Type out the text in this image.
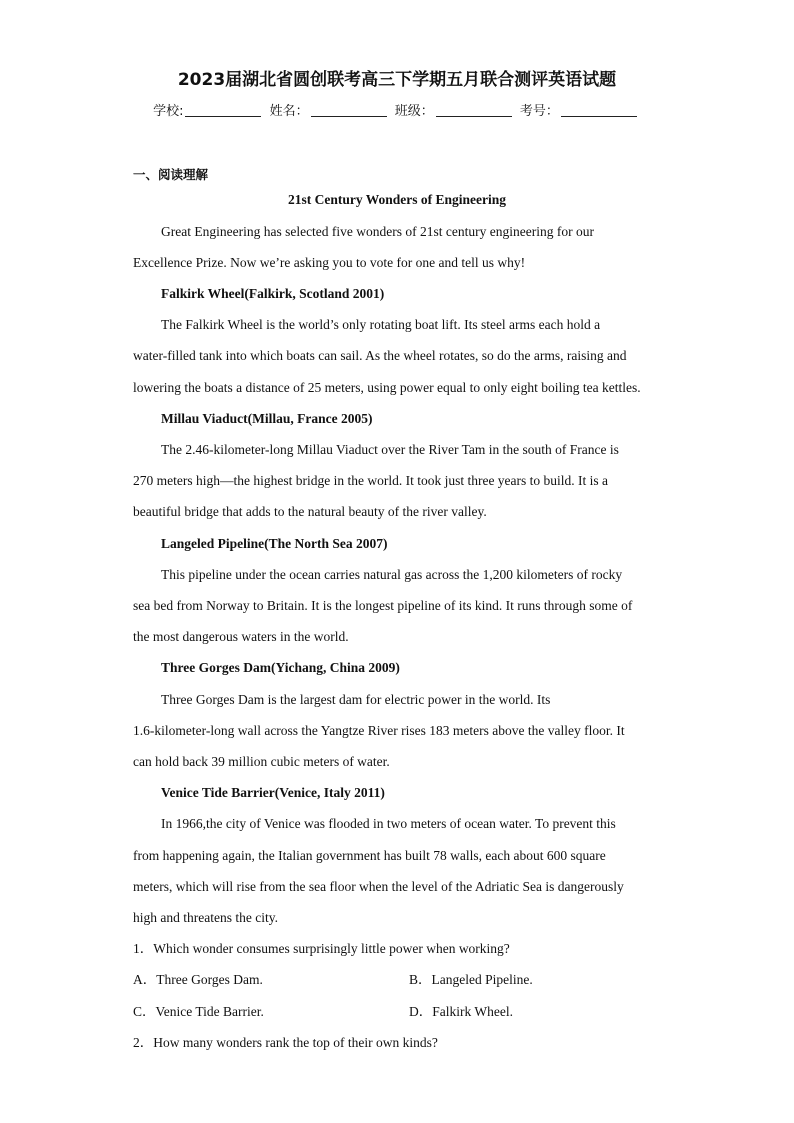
2023届湖北省圆创联考高三下学期五月联合测评英语试题
学校:	姓名：	班级：	考号：
一、阅读理解
21st Century Wonders of Engineering
Great Engineering has selected five wonders of 21st century engineering for our
Excellence Prize. Now we’re asking you to vote for one and tell us why!
Falkirk Wheel(Falkirk, Scotland 2001)
The Falkirk Wheel is the world’s only rotating boat lift. Its steel arms each hold a
water-filled tank into which boats can sail. As the wheel rotates, so do the arms, raising and
lowering the boats a distance of 25 meters, using power equal to only eight boiling tea kettles.
Millau Viaduct(Millau, France 2005)
The 2.46-kilometer-long Millau Viaduct over the River Tam in the south of France is
270 meters high—the highest bridge in the world. It took just three years to build. It is a
beautiful bridge that adds to the natural beauty of the river valley.
Langeled Pipeline(The North Sea 2007)
This pipeline under the ocean carries natural gas across the 1,200 kilometers of rocky
sea bed from Norway to Britain. It is the longest pipeline of its kind. It runs through some of
the most dangerous waters in the world.
Three Gorges Dam(Yichang, China 2009)
Three Gorges Dam is the largest dam for electric power in the world. Its
1.6-kilometer-long wall across the Yangtze River rises 183 meters above the valley floor. It
can hold back 39 million cubic meters of water.
Venice Tide Barrier(Venice, Italy 2011)
In 1966,the city of Venice was flooded in two meters of ocean water. To prevent this
from happening again, the Italian government has built 78 walls, each about 600 square
meters, which will rise from the sea floor when the level of the Adriatic Sea is dangerously
high and threatens the city.
1．Which wonder consumes surprisingly little power when working?
A．Three Gorges Dam.	B．Langeled Pipeline.
C．Venice Tide Barrier.	D．Falkirk Wheel.
2．How many wonders rank the top of their own kinds?
